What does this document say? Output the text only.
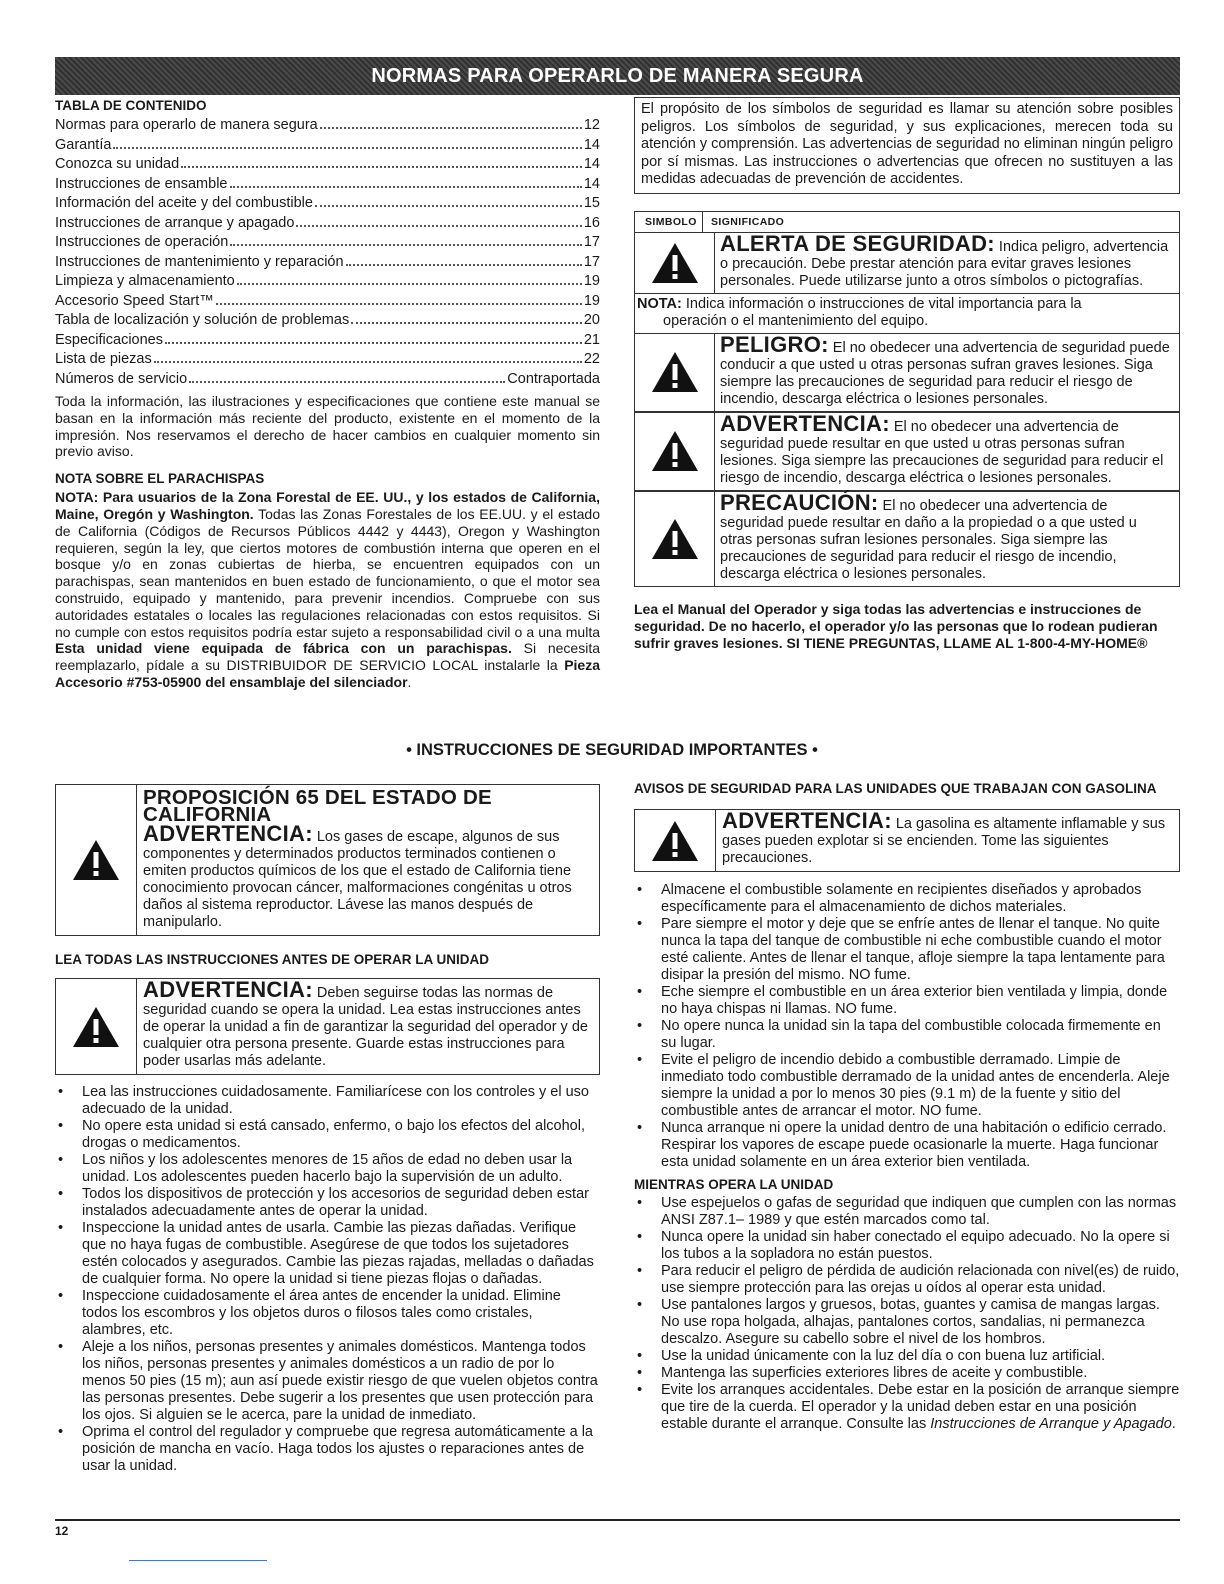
NORMAS PARA OPERARLO DE MANERA SEGURA
TABLA DE CONTENIDO
Normas para operarlo de manera segura	12
Garantía	14
Conozca su unidad	14
Instrucciones de ensamble	14
Información del aceite y del combustible	15
Instrucciones de arranque y apagado	16
Instrucciones de operación	17
Instrucciones de mantenimiento y reparación	17
Limpieza y almacenamiento	19
Accesorio Speed Start™	19
Tabla de localización y solución de problemas	20
Especificaciones	21
Lista de piezas	22
Números de servicio	Contraportada

Toda la información, las ilustraciones y especificaciones que contiene este manual se basan en la información más reciente del producto, existente en el momento de la impresión. Nos reservamos el derecho de hacer cambios en cualquier momento sin previo aviso.

NOTA SOBRE EL PARACHISPAS

NOTA: Para usuarios de la Zona Forestal de EE. UU., y los estados de California, Maine, Oregón y Washington. Todas las Zonas Forestales de los EE.UU. y el estado de California (Códigos de Recursos Públicos 4442 y 4443), Oregon y Washington requieren, según la ley, que ciertos motores de combustión interna que operen en el bosque y/o en zonas cubiertas de hierba, se encuentren equipados con un parachispas, sean mantenidos en buen estado de funcionamiento, o que el motor sea construido, equipado y mantenido, para prevenir incendios. Compruebe con sus autoridades estatales o locales las regulaciones relacionadas con estos requisitos. Si no cumple con estos requisitos podría estar sujeto a responsabilidad civil o a una multa Esta unidad viene equipada de fábrica con un parachispas. Si necesita reemplazarlo, pídale a su DISTRIBUIDOR DE SERVICIO LOCAL instalarle la Pieza Accesorio #753-05900 del ensamblaje del silenciador.

El propósito de los símbolos de seguridad es llamar su atención sobre posibles peligros. Los símbolos de seguridad, y sus explicaciones, merecen toda su atención y comprensión. Las advertencias de seguridad no eliminan ningún peligro por sí mismas. Las instrucciones o advertencias que ofrecen no sustituyen a las medidas adecuadas de prevención de accidentes.
SIMBOLO	SIGNIFICADO
ALERTA DE SEGURIDAD: Indica peligro, advertencia o precaución. Debe prestar atención para evitar graves lesiones personales. Puede utilizarse junto a otros símbolos o pictografías.
NOTA: Indica información o instrucciones de vital importancia para la
operación o el mantenimiento del equipo.
PELIGRO: El no obedecer una advertencia de seguridad puede conducir a que usted u otras personas sufran graves lesiones. Siga siempre las precauciones de seguridad para reducir el riesgo de incendio, descarga eléctrica o lesiones personales.
ADVERTENCIA: El no obedecer una advertencia de seguridad puede resultar en que usted u otras personas sufran lesiones. Siga siempre las precauciones de seguridad para reducir el riesgo de incendio, descarga eléctrica o lesiones personales.
PRECAUCIÓN: El no obedecer una advertencia de seguridad puede resultar en daño a la propiedad o a que usted u otras personas sufran lesiones personales. Siga siempre las precauciones de seguridad para reducir el riesgo de incendio, descarga eléctrica o lesiones personales.
Lea el Manual del Operador y siga todas las advertencias e instrucciones de seguridad. De no hacerlo, el operador y/o las personas que lo rodean pudieran sufrir graves lesiones. SI TIENE PREGUNTAS, LLAME AL 1-800-4-MY-HOME®
• INSTRUCCIONES DE SEGURIDAD IMPORTANTES •
PROPOSICIÓN 65 DEL ESTADO DE CALIFORNIA
ADVERTENCIA: Los gases de escape, algunos de sus componentes y determinados productos terminados contienen o emiten productos químicos de los que el estado de California tiene conocimiento provocan cáncer, malformaciones congénitas u otros daños al sistema reproductor. Lávese las manos después de manipularlo.
LEA TODAS LAS INSTRUCCIONES ANTES DE OPERAR LA UNIDAD
ADVERTENCIA: Deben seguirse todas las normas de seguridad cuando se opera la unidad. Lea estas instrucciones antes de operar la unidad a fin de garantizar la seguridad del operador y de cualquier otra persona presente. Guarde estas instrucciones para poder usarlas más adelante.
• Lea las instrucciones cuidadosamente. Familiarícese con los controles y el uso adecuado de la unidad.
• No opere esta unidad si está cansado, enfermo, o bajo los efectos del alcohol, drogas o medicamentos.
• Los niños y los adolescentes menores de 15 años de edad no deben usar la unidad. Los adolescentes pueden hacerlo bajo la supervisión de un adulto.
• Todos los dispositivos de protección y los accesorios de seguridad deben estar instalados adecuadamente antes de operar la unidad.
• Inspeccione la unidad antes de usarla. Cambie las piezas dañadas. Verifique que no haya fugas de combustible. Asegúrese de que todos los sujetadores estén colocados y asegurados. Cambie las piezas rajadas, melladas o dañadas de cualquier forma. No opere la unidad si tiene piezas flojas o dañadas.
• Inspeccione cuidadosamente el área antes de encender la unidad. Elimine todos los escombros y los objetos duros o filosos tales como cristales, alambres, etc.
• Aleje a los niños, personas presentes y animales domésticos. Mantenga todos los niños, personas presentes y animales domésticos a un radio de por lo menos 50 pies (15 m); aun así puede existir riesgo de que vuelen objetos contra las personas presentes. Debe sugerir a los presentes que usen protección para los ojos. Si alguien se le acerca, pare la unidad de inmediato.
• Oprima el control del regulador y compruebe que regresa automáticamente a la posición de mancha en vacío. Haga todos los ajustes o reparaciones antes de usar la unidad.
AVISOS DE SEGURIDAD PARA LAS UNIDADES QUE TRABAJAN CON GASOLINA
ADVERTENCIA: La gasolina es altamente inflamable y sus gases pueden explotar si se encienden. Tome las siguientes precauciones.
• Almacene el combustible solamente en recipientes diseñados y aprobados específicamente para el almacenamiento de dichos materiales.
• Pare siempre el motor y deje que se enfríe antes de llenar el tanque. No quite nunca la tapa del tanque de combustible ni eche combustible cuando el motor esté caliente. Antes de llenar el tanque, afloje siempre la tapa lentamente para disipar la presión del mismo. NO fume.
• Eche siempre el combustible en un área exterior bien ventilada y limpia, donde no haya chispas ni llamas. NO fume.
• No opere nunca la unidad sin la tapa del combustible colocada firmemente en su lugar.
• Evite el peligro de incendio debido a combustible derramado. Limpie de inmediato todo combustible derramado de la unidad antes de encenderla. Aleje siempre la unidad a por lo menos 30 pies (9.1 m) de la fuente y sitio del combustible antes de arrancar el motor. NO fume.
• Nunca arranque ni opere la unidad dentro de una habitación o edificio cerrado. Respirar los vapores de escape puede ocasionarle la muerte. Haga funcionar esta unidad solamente en un área exterior bien ventilada.
MIENTRAS OPERA LA UNIDAD
• Use espejuelos o gafas de seguridad que indiquen que cumplen con las normas ANSI Z87.1– 1989 y que estén marcados como tal.
• Nunca opere la unidad sin haber conectado el equipo adecuado. No la opere si los tubos a la sopladora no están puestos.
• Para reducir el peligro de pérdida de audición relacionada con nivel(es) de ruido, use siempre protección para las orejas u oídos al operar esta unidad.
• Use pantalones largos y gruesos, botas, guantes y camisa de mangas largas. No use ropa holgada, alhajas, pantalones cortos, sandalias, ni permanezca descalzo. Asegure su cabello sobre el nivel de los hombros.
• Use la unidad únicamente con la luz del día o con buena luz artificial.
• Mantenga las superficies exteriores libres de aceite y combustible.
• Evite los arranques accidentales. Debe estar en la posición de arranque siempre que tire de la cuerda. El operador y la unidad deben estar en una posición estable durante el arranque. Consulte las Instrucciones de Arranque y Apagado.
12
